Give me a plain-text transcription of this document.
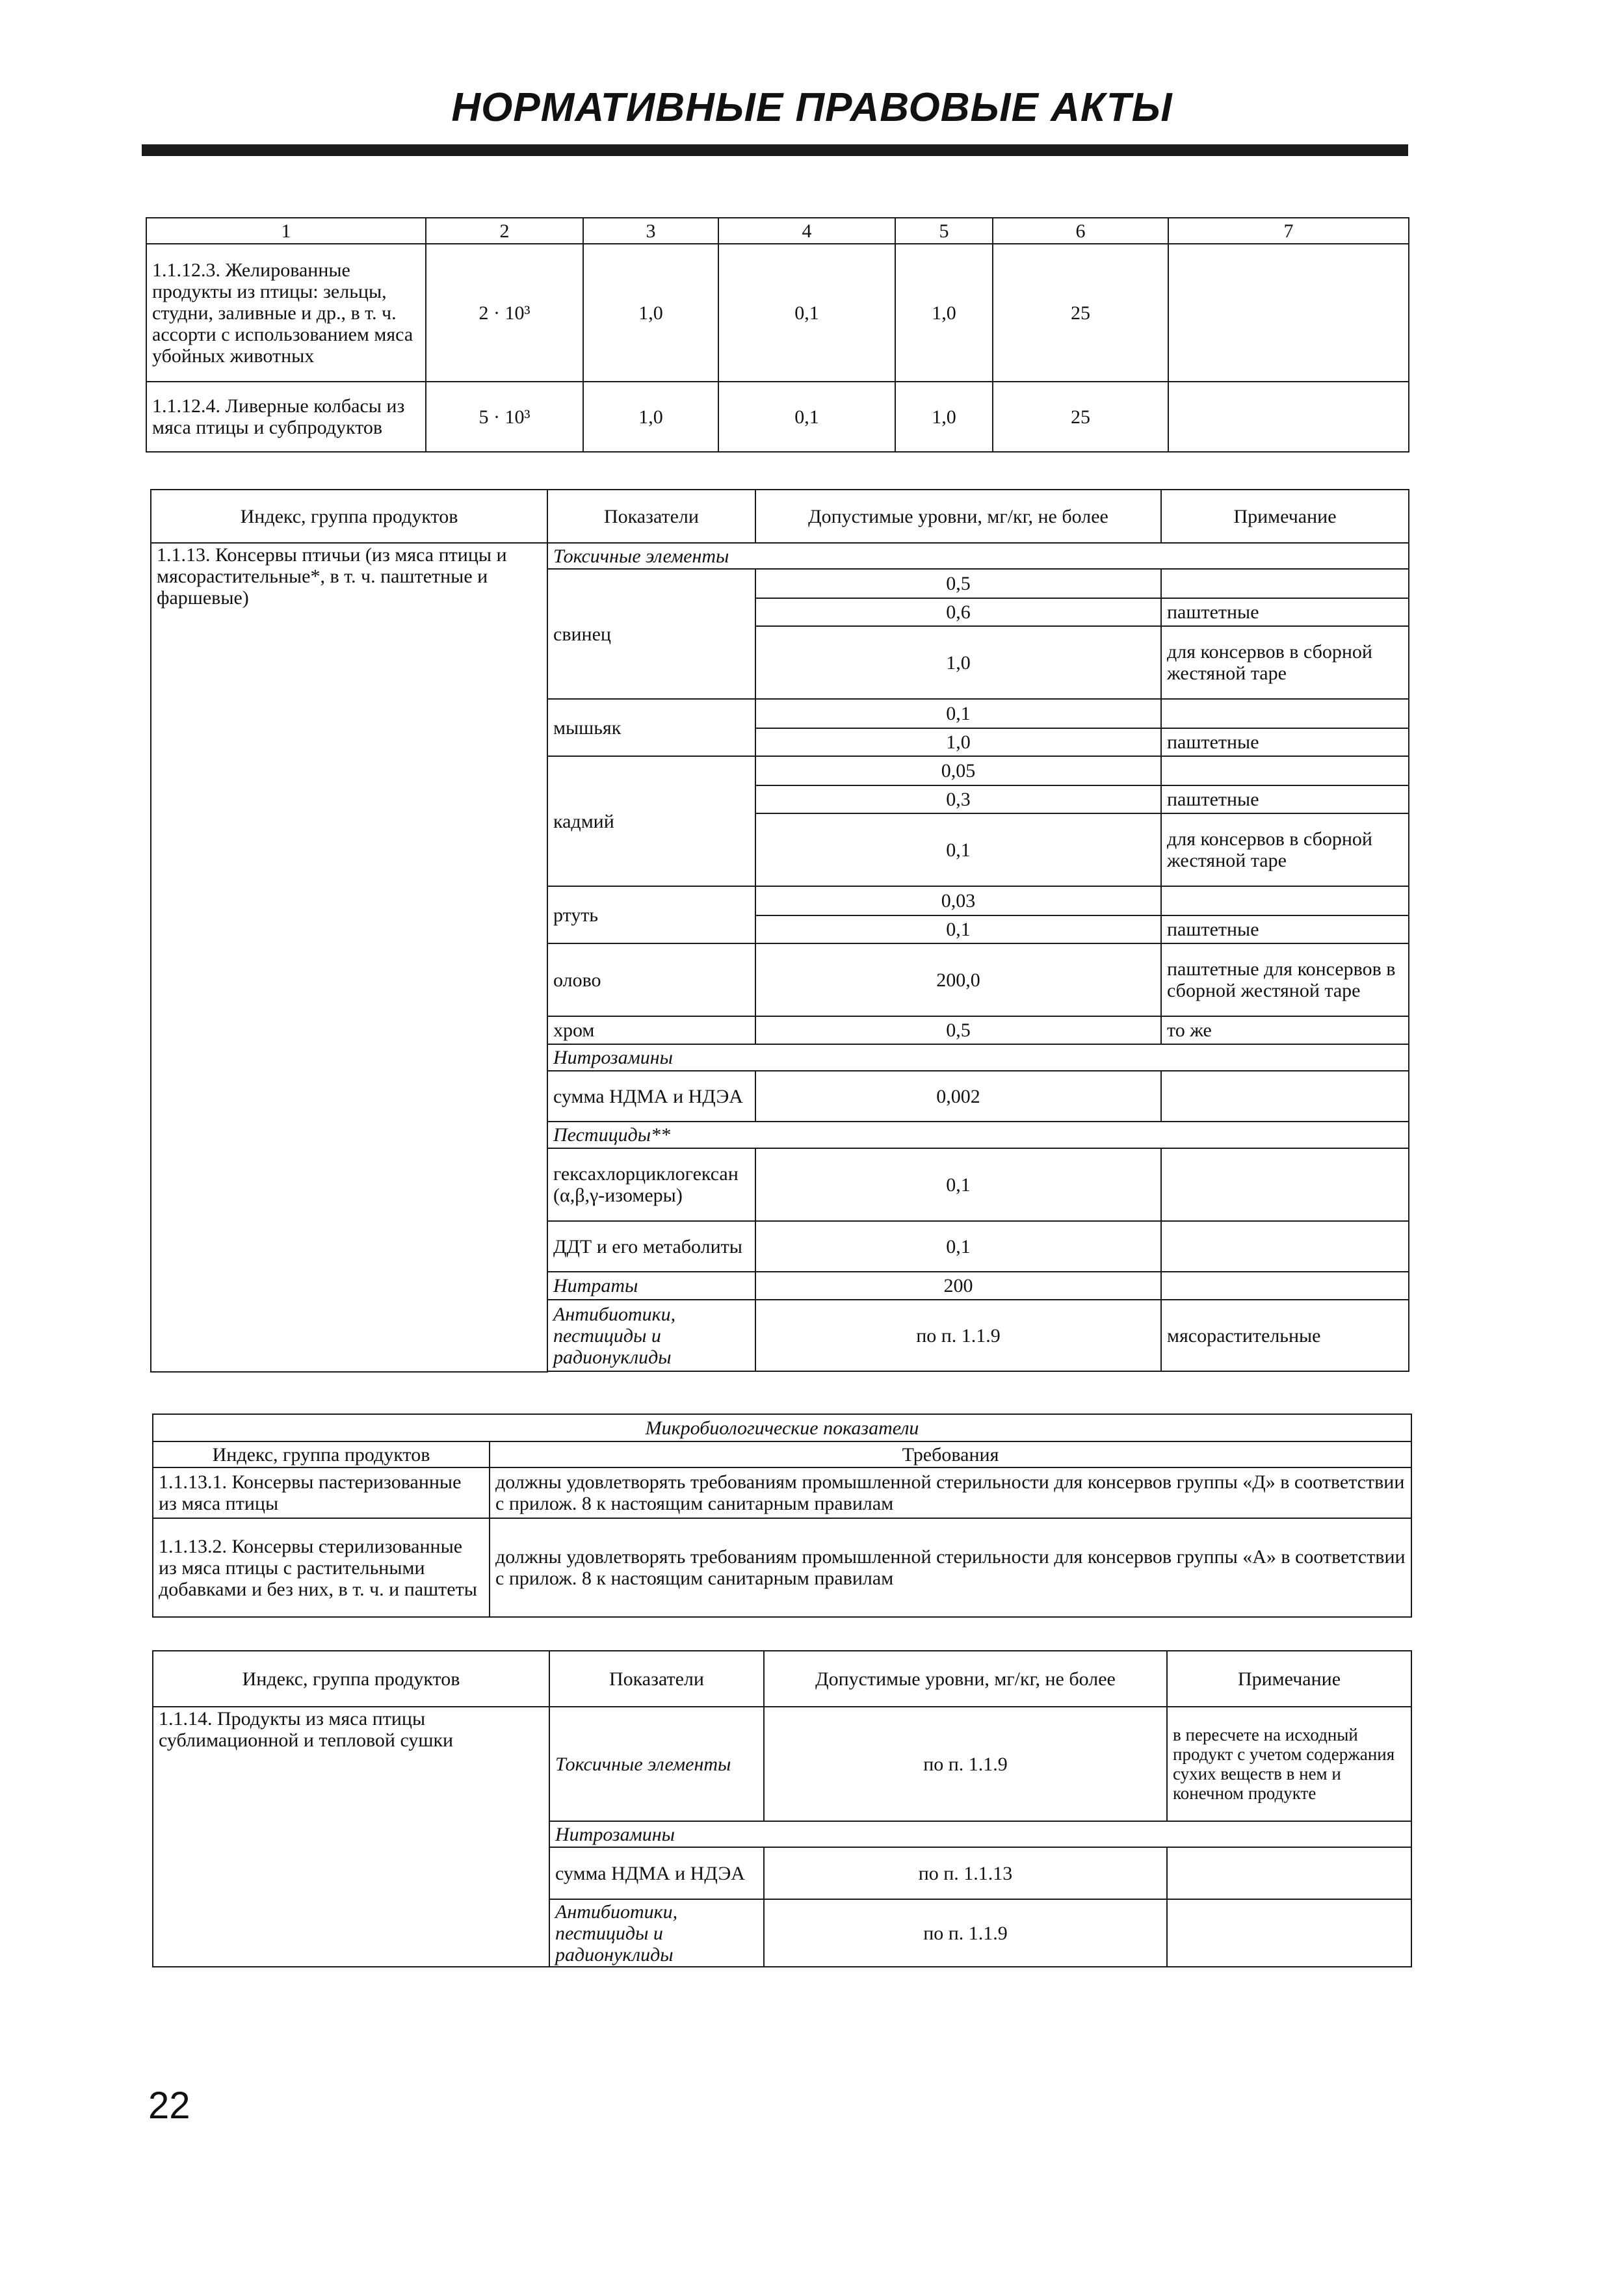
НОРМАТИВНЫЕ ПРАВОВЫЕ АКТЫ
1	2	3	4	5	6	7
1.1.12.3. Желированные продукты из птицы: зельцы, студни, заливные и др., в т. ч. ассорти с использованием мяса убойных животных	2 · 10³	1,0	0,1	1,0	25	
1.1.12.4. Ливерные колбасы из мяса птицы и субпродуктов	5 · 10³	1,0	0,1	1,0	25	
Индекс, группа продуктов	Показатели	Допустимые уровни, мг/кг, не более	Примечание
1.1.13. Консервы птичьи (из мяса птицы и мясорастительные*, в т. ч. паштетные и фаршевые)	Токсичные элементы		
	свинец	0,5	
		0,6	паштетные
		1,0	для консервов в сборной жестяной таре
	мышьяк	0,1	
		1,0	паштетные
	кадмий	0,05	
		0,3	паштетные
		0,1	для консервов в сборной жестяной таре
	ртуть	0,03	
		0,1	паштетные
	олово	200,0	паштетные для консервов в сборной жестяной таре
	хром	0,5	то же
	Нитрозамины		
	сумма НДМА и НДЭА	0,002	
	Пестициды**		
	гексахлорциклогексан (α,β,γ-изомеры)	0,1	
	ДДТ и его метаболиты	0,1	
	Нитраты	200	
	Антибиотики, пестициды и радионуклиды	по п. 1.1.9	мясорастительные

Микробиологические показатели	
Индекс, группа продуктов	Требования
1.1.13.1. Консервы пастеризованные из мяса птицы	должны удовлетворять требованиям промышленной стерильности для консервов группы «Д» в соответствии с прилож. 8 к настоящим санитарным правилам
1.1.13.2. Консервы стерилизованные из мяса птицы с растительными добавками и без них, в т. ч. и паштеты	должны удовлетворять требованиям промышленной стерильности для консервов группы «А» в соответствии с прилож. 8 к настоящим санитарным правилам
Индекс, группа продуктов	Показатели	Допустимые уровни, мг/кг, не более	Примечание
1.1.14. Продукты из мяса птицы сублимационной и тепловой сушки	Токсичные элементы	по п. 1.1.9	в пересчете на исходный продукт с учетом содержания сухих веществ в нем и конечном продукте
	Нитрозамины		
	сумма НДМА и НДЭА	по п. 1.1.13	
	Антибиотики, пестициды и радионуклиды	по п. 1.1.9	
22
